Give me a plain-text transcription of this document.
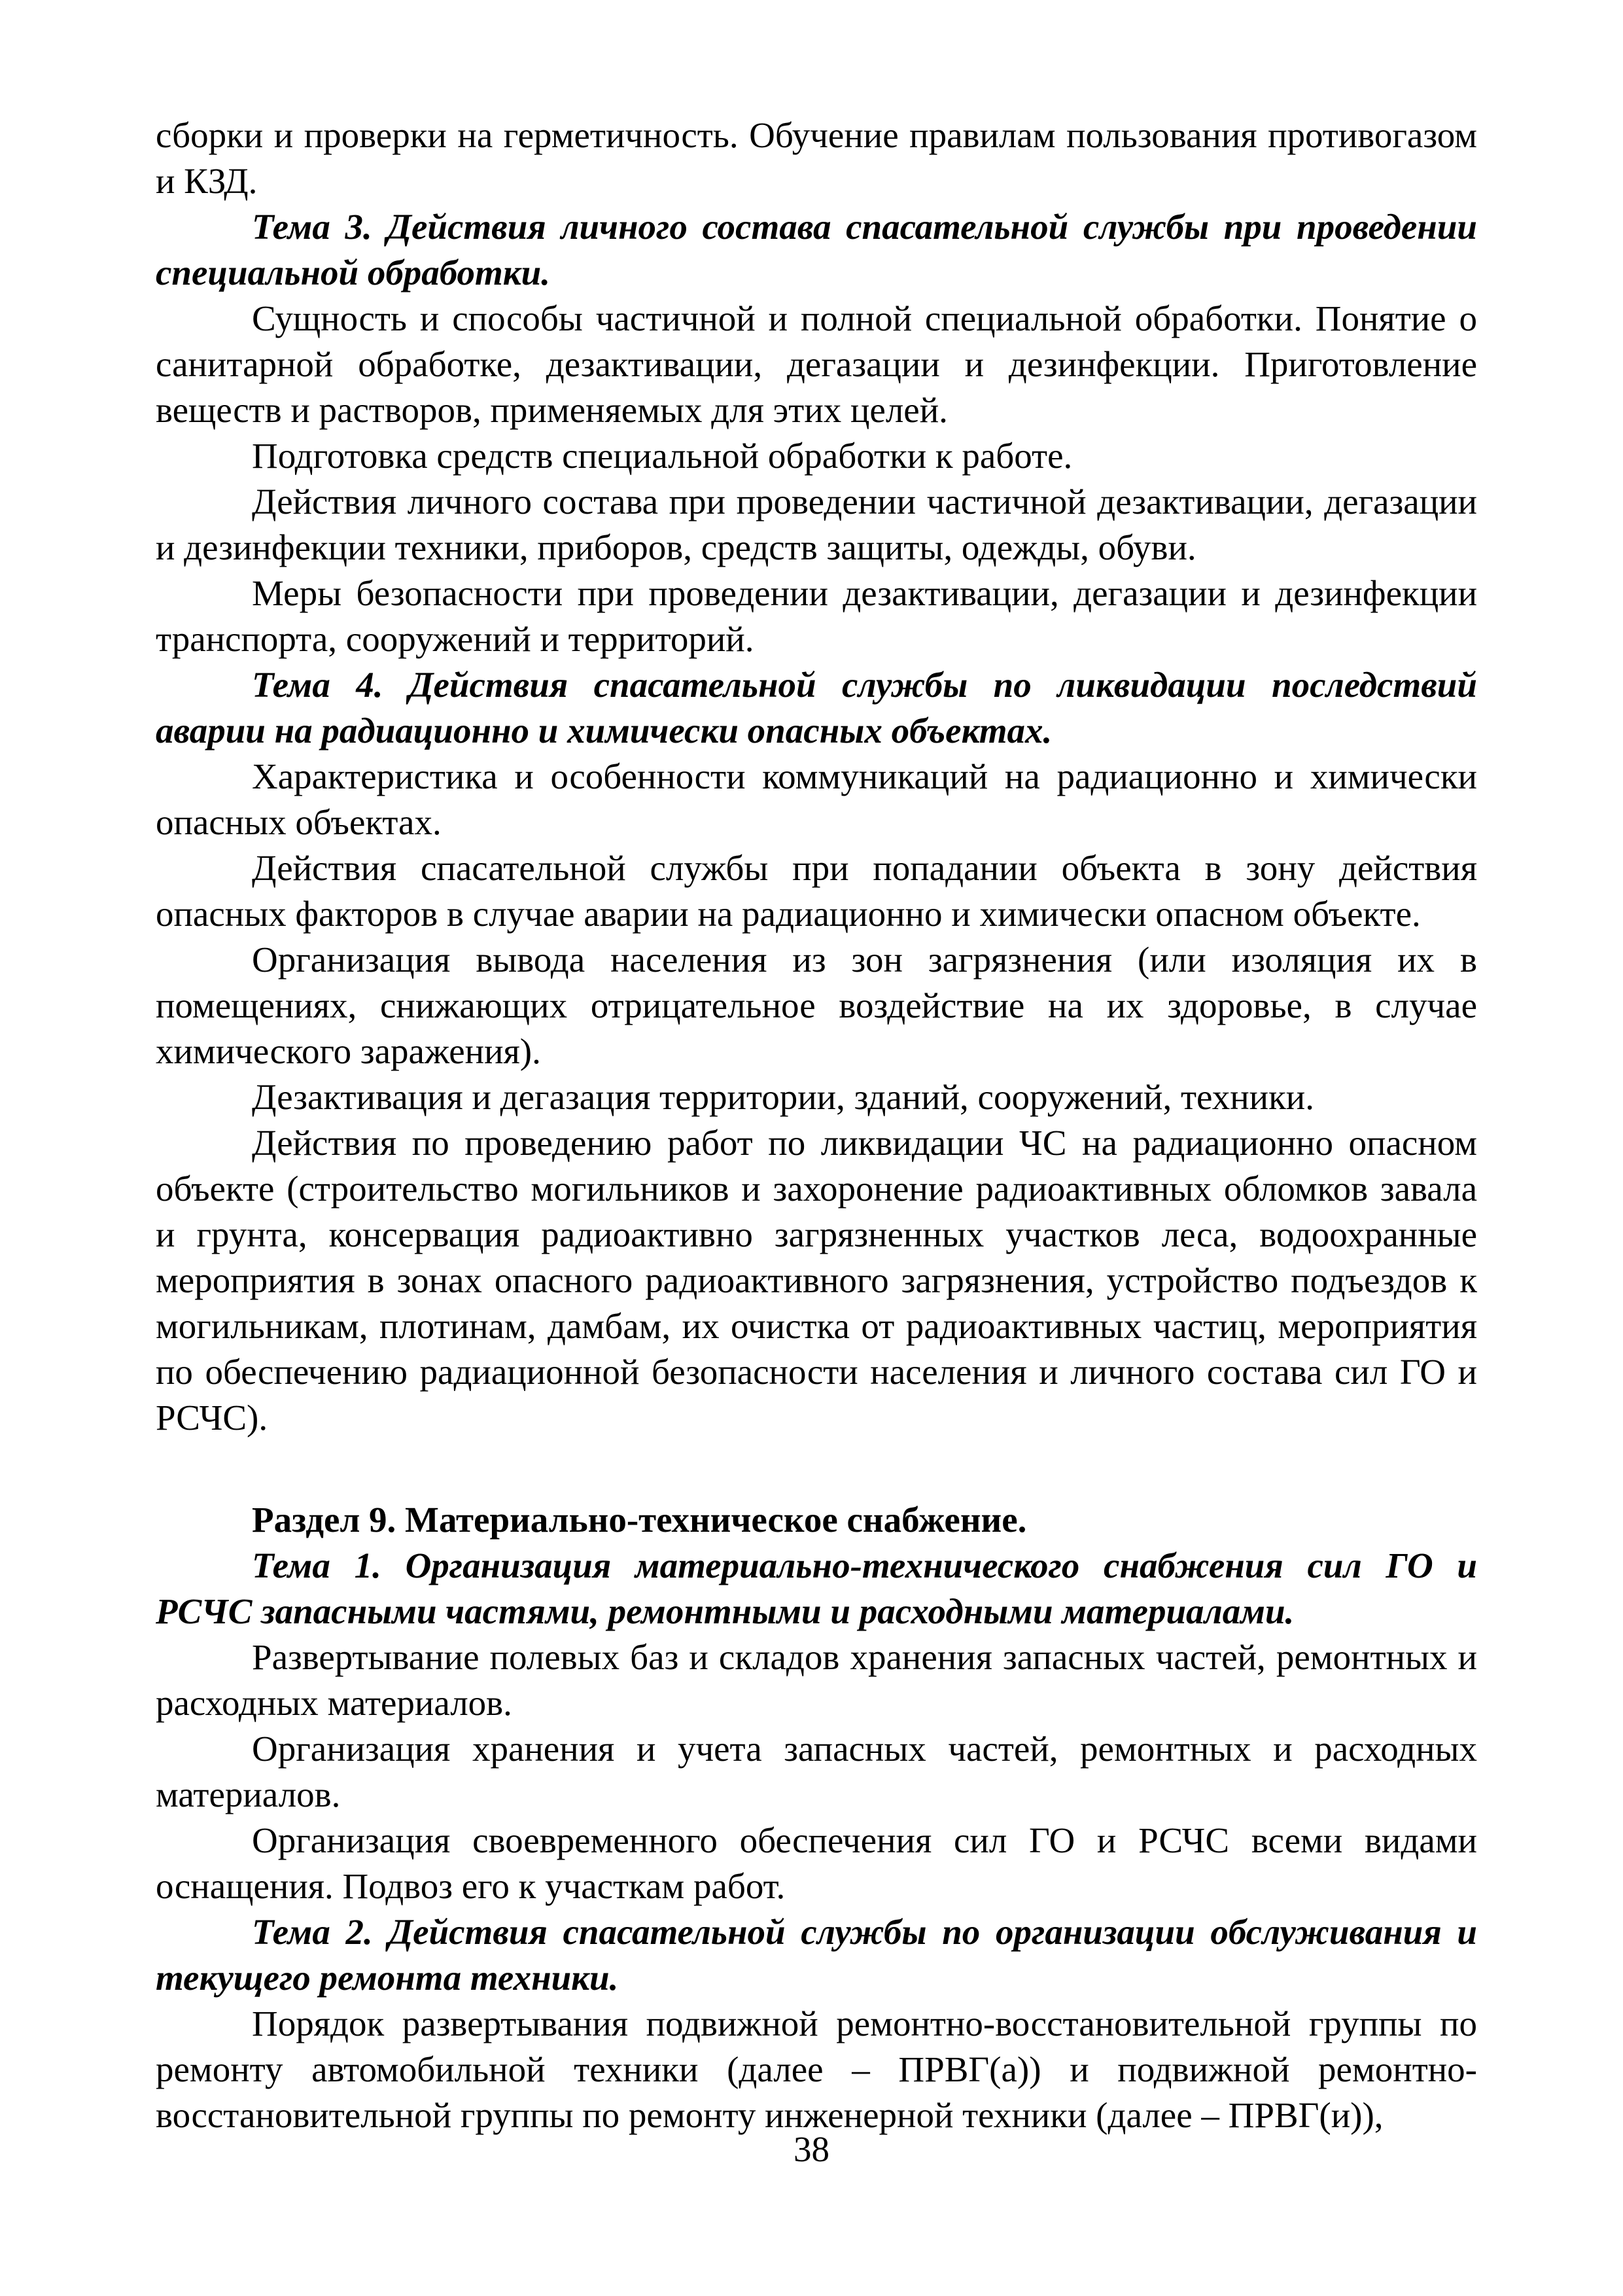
сборки и проверки на герметичность. Обучение правилам пользования противогазом и КЗД.

Тема 3. Действия личного состава спасательной службы при проведении специальной обработки.

Сущность и способы частичной и полной специальной обработки. Понятие о санитарной обработке, дезактивации, дегазации и дезинфекции. Приготовление веществ и растворов, применяемых для этих целей.

Подготовка средств специальной обработки к работе.

Действия личного состава при проведении частичной дезактивации, дегазации и дезинфекции техники, приборов, средств защиты, одежды, обуви.

Меры безопасности при проведении дезактивации, дегазации и дезинфекции транспорта, сооружений и территорий.

Тема 4. Действия спасательной службы по ликвидации последствий аварии на радиационно и химически опасных объектах.

Характеристика и особенности коммуникаций на радиационно и химически опасных объектах.

Действия спасательной службы при попадании объекта в зону действия опасных факторов в случае аварии на радиационно и химически опасном объекте.

Организация вывода населения из зон загрязнения (или изоляция их в помещениях, снижающих отрицательное воздействие на их здоровье, в случае химического заражения).

Дезактивация и дегазация территории, зданий, сооружений, техники.

Действия по проведению работ по ликвидации ЧС на радиационно опасном объекте (строительство могильников и захоронение радиоактивных обломков завала и грунта, консервация радиоактивно загрязненных участков леса, водоохранные мероприятия в зонах опасного радиоактивного загрязнения, устройство подъездов к могильникам, плотинам, дамбам, их очистка от радиоактивных частиц, мероприятия по обеспечению радиационной безопасности населения и личного состава сил ГО и РСЧС).

Раздел 9. Материально-техническое снабжение.

Тема 1. Организация материально-технического снабжения сил ГО и РСЧС запасными частями, ремонтными и расходными материалами.

Развертывание полевых баз и складов хранения запасных частей, ремонтных и расходных материалов.

Организация хранения и учета запасных частей, ремонтных и расходных материалов.

Организация своевременного обеспечения сил ГО и РСЧС всеми видами оснащения. Подвоз его к участкам работ.

Тема 2. Действия спасательной службы по организации обслуживания и текущего ремонта техники.

Порядок развертывания подвижной ремонтно-восстановительной группы по ремонту автомобильной техники (далее – ПРВГ(а)) и подвижной ремонтно-восстановительной группы по ремонту инженерной техники (далее – ПРВГ(и)),

38
